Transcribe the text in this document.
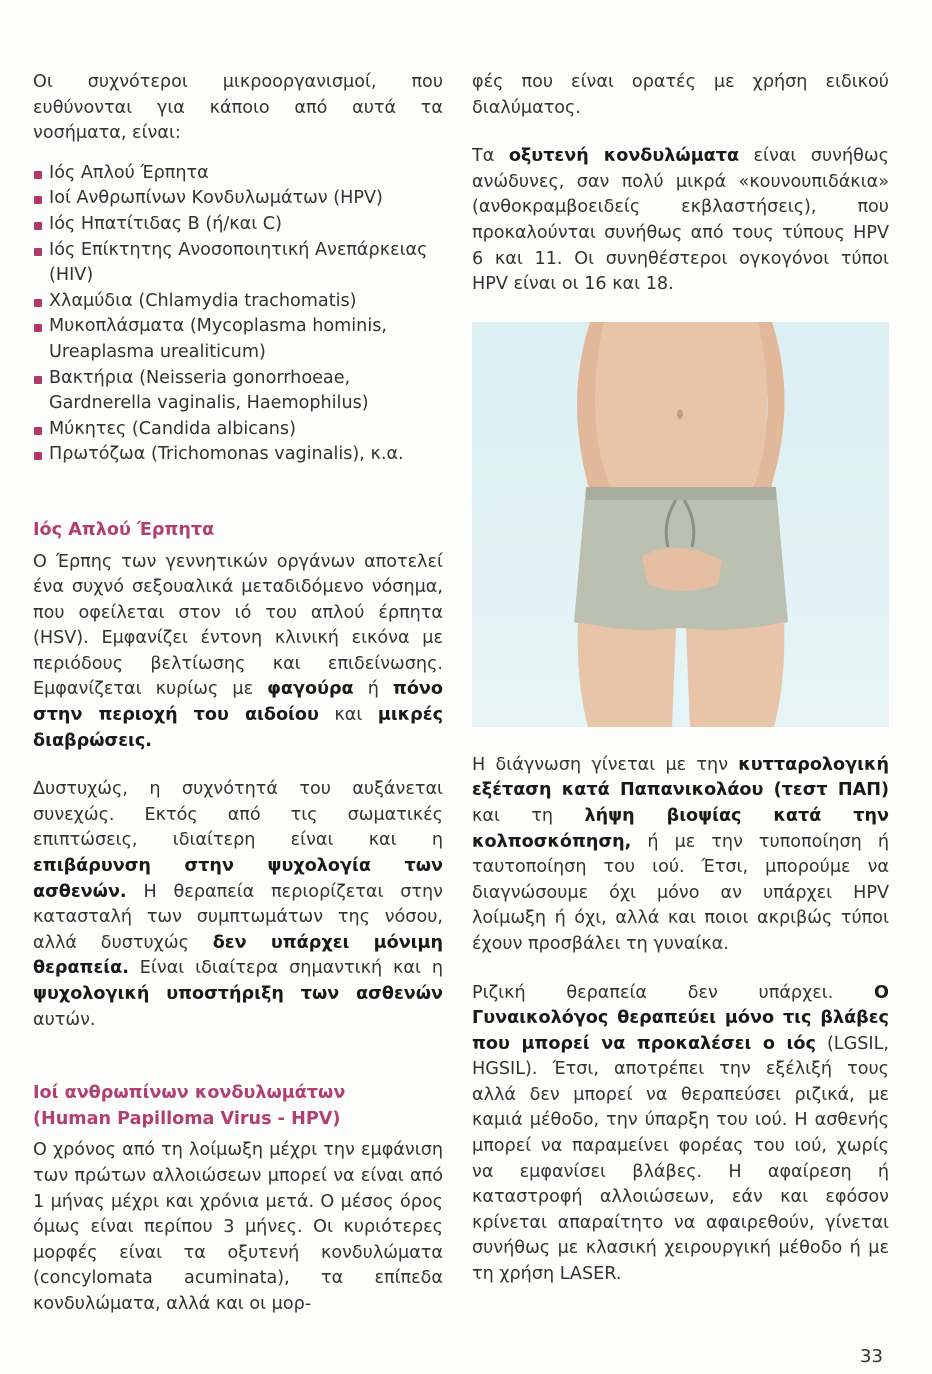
Οι συχνότεροι μικροοργανισμοί, που ευθύνονται για κάποιο από αυτά τα νοσήματα, είναι:

Ιός Απλού Έρπητα
Ιοί Ανθρωπίνων Κονδυλωμάτων (HPV)
Ιός Ηπατίτιδας Β (ή/και C)
Ιός Επίκτητης Ανοσοποιητική Ανεπάρκειας (HIV)
Χλαμύδια (Chlamydia trachomatis)
Μυκοπλάσματα (Mycoplasma hominis, Ureaplasma urealiticum)
Βακτήρια (Neisseria gonorrhoeae, Gardnerella vaginalis, Haemophilus)
Μύκητες (Candida albicans)
Πρωτόζωα (Trichomonas vaginalis), κ.α.
Ιός Απλού Έρπητα

Ο Έρπης των γεννητικών οργάνων αποτελεί ένα συχνό σεξουαλικά μεταδιδόμενο νόσημα, που οφείλεται στον ιό του απλού έρπητα (HSV). Εμφανίζει έντονη κλινική εικόνα με περιόδους βελτίωσης και επιδείνωσης. Εμφανίζεται κυρίως με φαγούρα ή πόνο στην περιοχή του αιδοίου και μικρές διαβρώσεις.

Δυστυχώς, η συχνότητά του αυξάνεται συνεχώς. Εκτός από τις σωματικές επιπτώσεις, ιδιαίτερη είναι και η επιβάρυνση στην ψυχολογία των ασθενών. Η θεραπεία περιορίζεται στην κατασταλή των συμπτωμάτων της νόσου, αλλά δυστυχώς δεν υπάρχει μόνιμη θεραπεία. Είναι ιδιαίτερα σημαντική και η ψυχολογική υποστήριξη των ασθενών αυτών.

Ιοί ανθρωπίνων κονδυλωμάτων
(Human Papilloma Virus - HPV)

Ο χρόνος από τη λοίμωξη μέχρι την εμφάνιση των πρώτων αλλοιώσεων μπορεί να είναι από 1 μήνας μέχρι και χρόνια μετά. Ο μέσος όρος όμως είναι περίπου 3 μήνες. Οι κυριότερες μορφές είναι τα οξυτενή κονδυλώματα (concylomata acuminata), τα επίπεδα κονδυλώματα, αλλά και οι μορ-

φές που είναι ορατές με χρήση ειδικού διαλύματος.

Τα οξυτενή κονδυλώματα είναι συνήθως ανώδυνες, σαν πολύ μικρά «κουνουπιδάκια» (ανθοκραμβοειδείς εκβλαστήσεις), που προκαλούνται συνήθως από τους τύπους HPV 6 και 11. Οι συνηθέστεροι ογκογόνοι τύποι HPV είναι οι 16 και 18.

Η διάγνωση γίνεται με την κυτταρολογική εξέταση κατά Παπανικολάου (τεστ ΠΑΠ) και τη λήψη βιοψίας κατά την κολποσκόπηση, ή με την τυποποίηση ή ταυτοποίηση του ιού. Έτσι, μπορούμε να διαγνώσουμε όχι μόνο αν υπάρχει HPV λοίμωξη ή όχι, αλλά και ποιοι ακριβώς τύποι έχουν προσβάλει τη γυναίκα.

Ριζική θεραπεία δεν υπάρχει. Ο Γυναικολόγος θεραπεύει μόνο τις βλάβες που μπορεί να προκαλέσει ο ιός (LGSIL, HGSIL). Έτσι, αποτρέπει την εξέλιξή τους αλλά δεν μπορεί να θεραπεύσει ριζικά, με καμιά μέθοδο, την ύπαρξη του ιού. Η ασθενής μπορεί να παραμείνει φορέας του ιού, χωρίς να εμφανίσει βλάβες. Η αφαίρεση ή καταστροφή αλλοιώσεων, εάν και εφόσον κρίνεται απαραίτητο να αφαιρεθούν, γίνεται συνήθως με κλασική χειρουργική μέθοδο ή με τη χρήση LASER.

33
